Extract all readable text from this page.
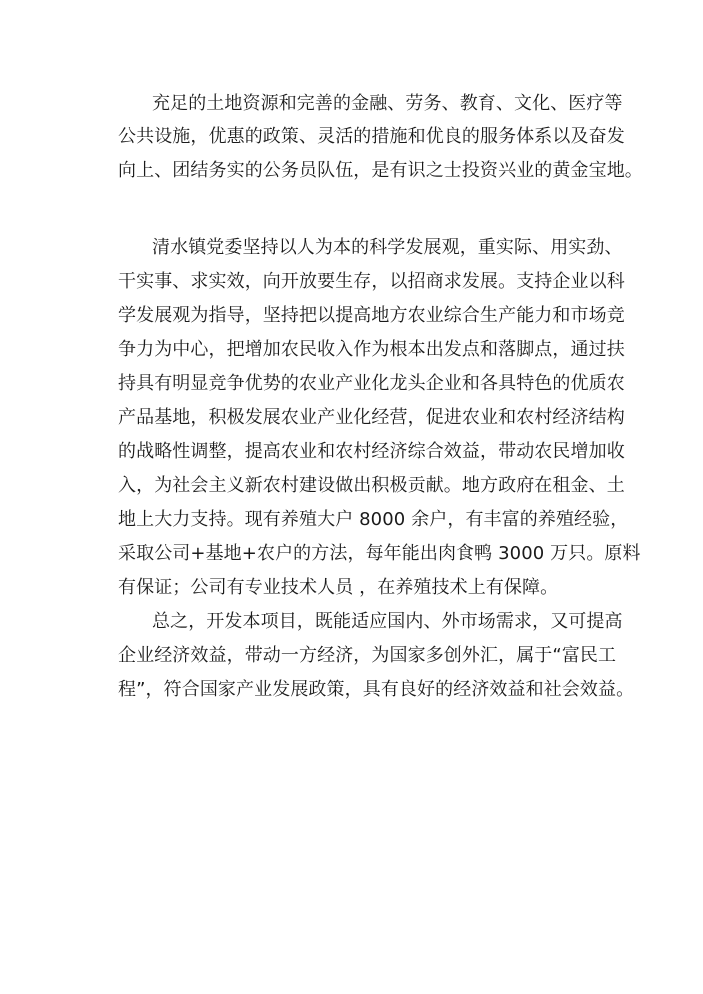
充足的土地资源和完善的金融、劳务、教育、文化、医疗等
公共设施，优惠的政策、灵活的措施和优良的服务体系以及奋发
向上、团结务实的公务员队伍，是有识之士投资兴业的黄金宝地。
清水镇党委坚持以人为本的科学发展观，重实际、用实劲、
干实事、求实效，向开放要生存，以招商求发展。支持企业以科
学发展观为指导，坚持把以提高地方农业综合生产能力和市场竞
争力为中心，把增加农民收入作为根本出发点和落脚点，通过扶
持具有明显竞争优势的农业产业化龙头企业和各具特色的优质农
产品基地，积极发展农业产业化经营，促进农业和农村经济结构
的战略性调整，提高农业和农村经济综合效益，带动农民增加收
入，为社会主义新农村建设做出积极贡献。地方政府在租金、土
地上大力支持。现有养殖大户 8000 余户，有丰富的养殖经验，
采取公司+基地+农户的方法，每年能出肉食鸭 3000 万只。原料
有保证；公司有专业技术人员 ，在养殖技术上有保障。
总之，开发本项目，既能适应国内、外市场需求，又可提高
企业经济效益，带动一方经济，为国家多创外汇，属于“富民工
程”，符合国家产业发展政策，具有良好的经济效益和社会效益。
